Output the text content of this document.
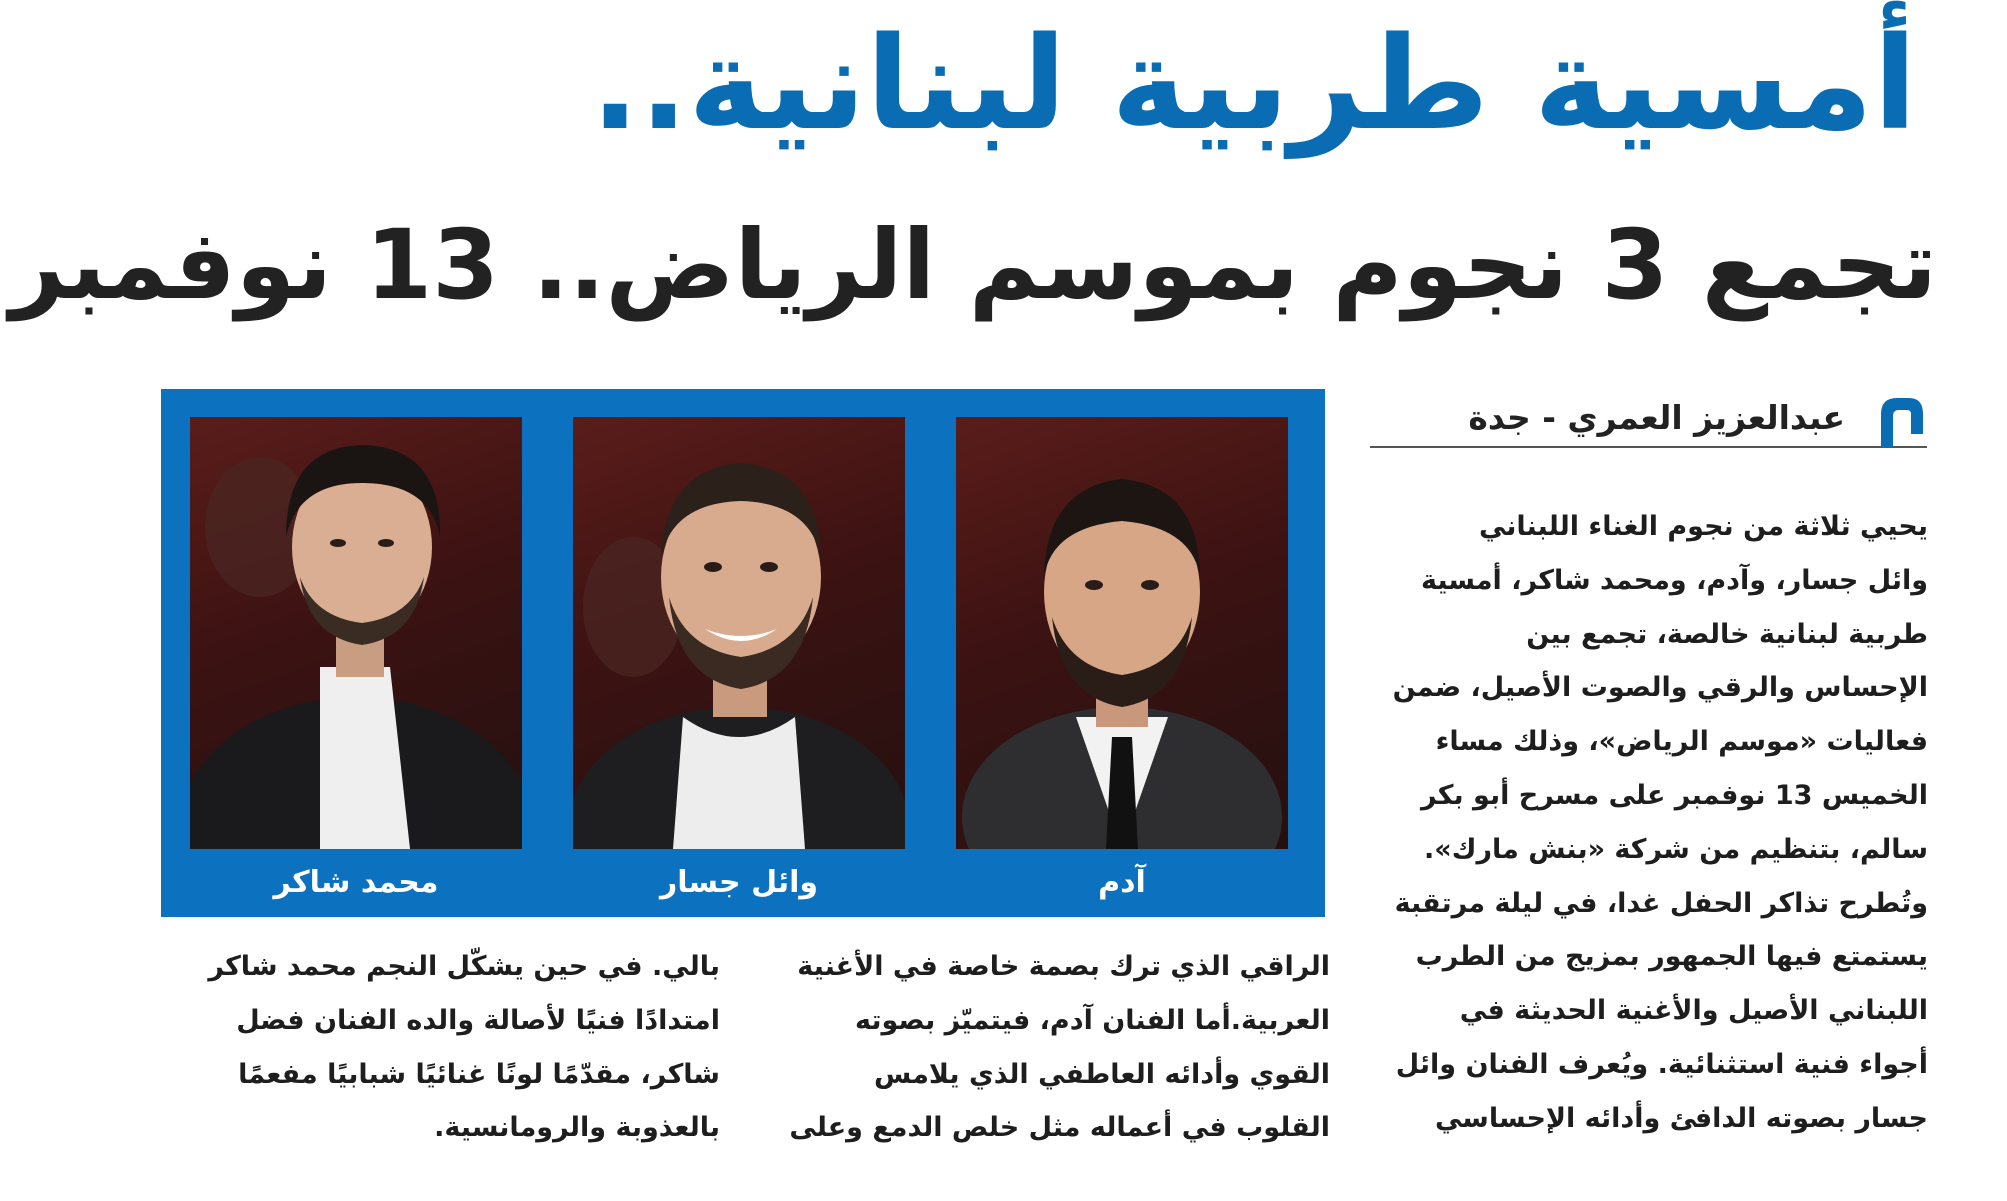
أمسية طربية لبنانية..
تجمع 3 نجوم بموسم الرياض.. 13 نوفمبر
عبدالعزيز العمري - جدة
آدم
وائل جسار
محمد شاكر

يحيي ثلاثة من نجوم الغناء اللبناني

وائل جسار، وآدم، ومحمد شاكر، أمسية

طربية لبنانية خالصة، تجمع بين

الإحساس والرقي والصوت الأصيل، ضمن

فعاليات «موسم الرياض»، وذلك مساء

الخميس 13 نوفمبر على مسرح أبو بكر

سالم، بتنظيم من شركة «بنش مارك».

وتُطرح تذاكر الحفل غدا، في ليلة مرتقبة

يستمتع فيها الجمهور بمزيج من الطرب

اللبناني الأصيل والأغنية الحديثة في

أجواء فنية استثنائية. ويُعرف الفنان وائل

جسار بصوته الدافئ وأدائه الإحساسي

الراقي الذي ترك بصمة خاصة في الأغنية

العربية.أما الفنان آدم، فيتميّز بصوته

القوي وأدائه العاطفي الذي يلامس

القلوب في أعماله مثل خلص الدمع وعلى

بالي. في حين يشكّل النجم محمد شاكر

امتدادًا فنيًا لأصالة والده الفنان فضل

شاكر، مقدّمًا لونًا غنائيًا شبابيًا مفعمًا

بالعذوبة والرومانسية.
